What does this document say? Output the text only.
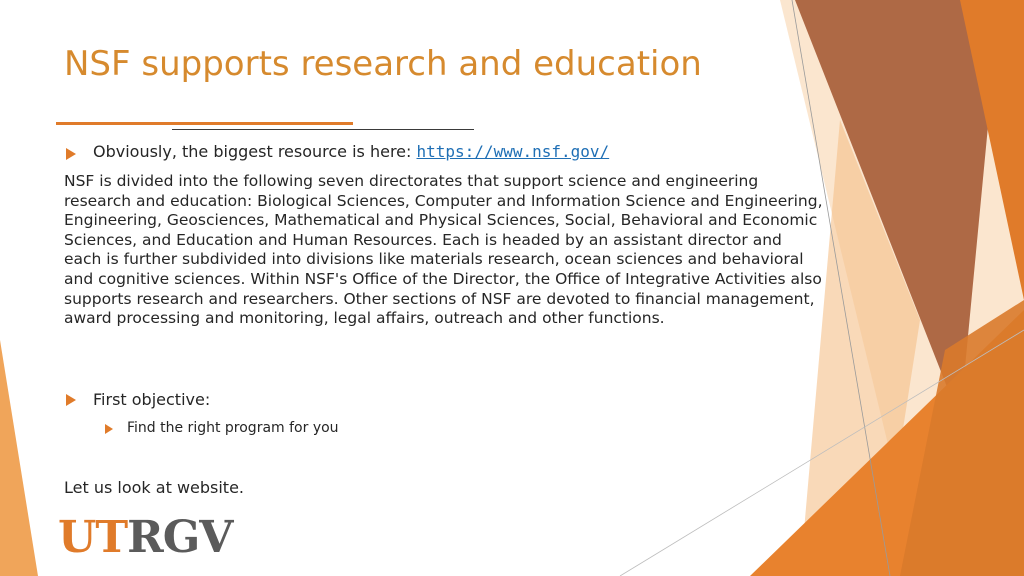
NSF supports research and education
Obviously, the biggest resource is here: https://www.nsf.gov/
NSF is divided into the following seven directorates that support science and engineering research and education: Biological Sciences, Computer and Information Science and Engineering, Engineering, Geosciences, Mathematical and Physical Sciences, Social, Behavioral and Economic Sciences, and Education and Human Resources. Each is headed by an assistant director and each is further subdivided into divisions like materials research, ocean sciences and behavioral and cognitive sciences. Within NSF's Office of the Director, the Office of Integrative Activities also supports research and researchers. Other sections of NSF are devoted to financial management, award processing and monitoring, legal affairs, outreach and other functions.
First objective:
Find the right program for you
Let us look at website.
UTRGV
